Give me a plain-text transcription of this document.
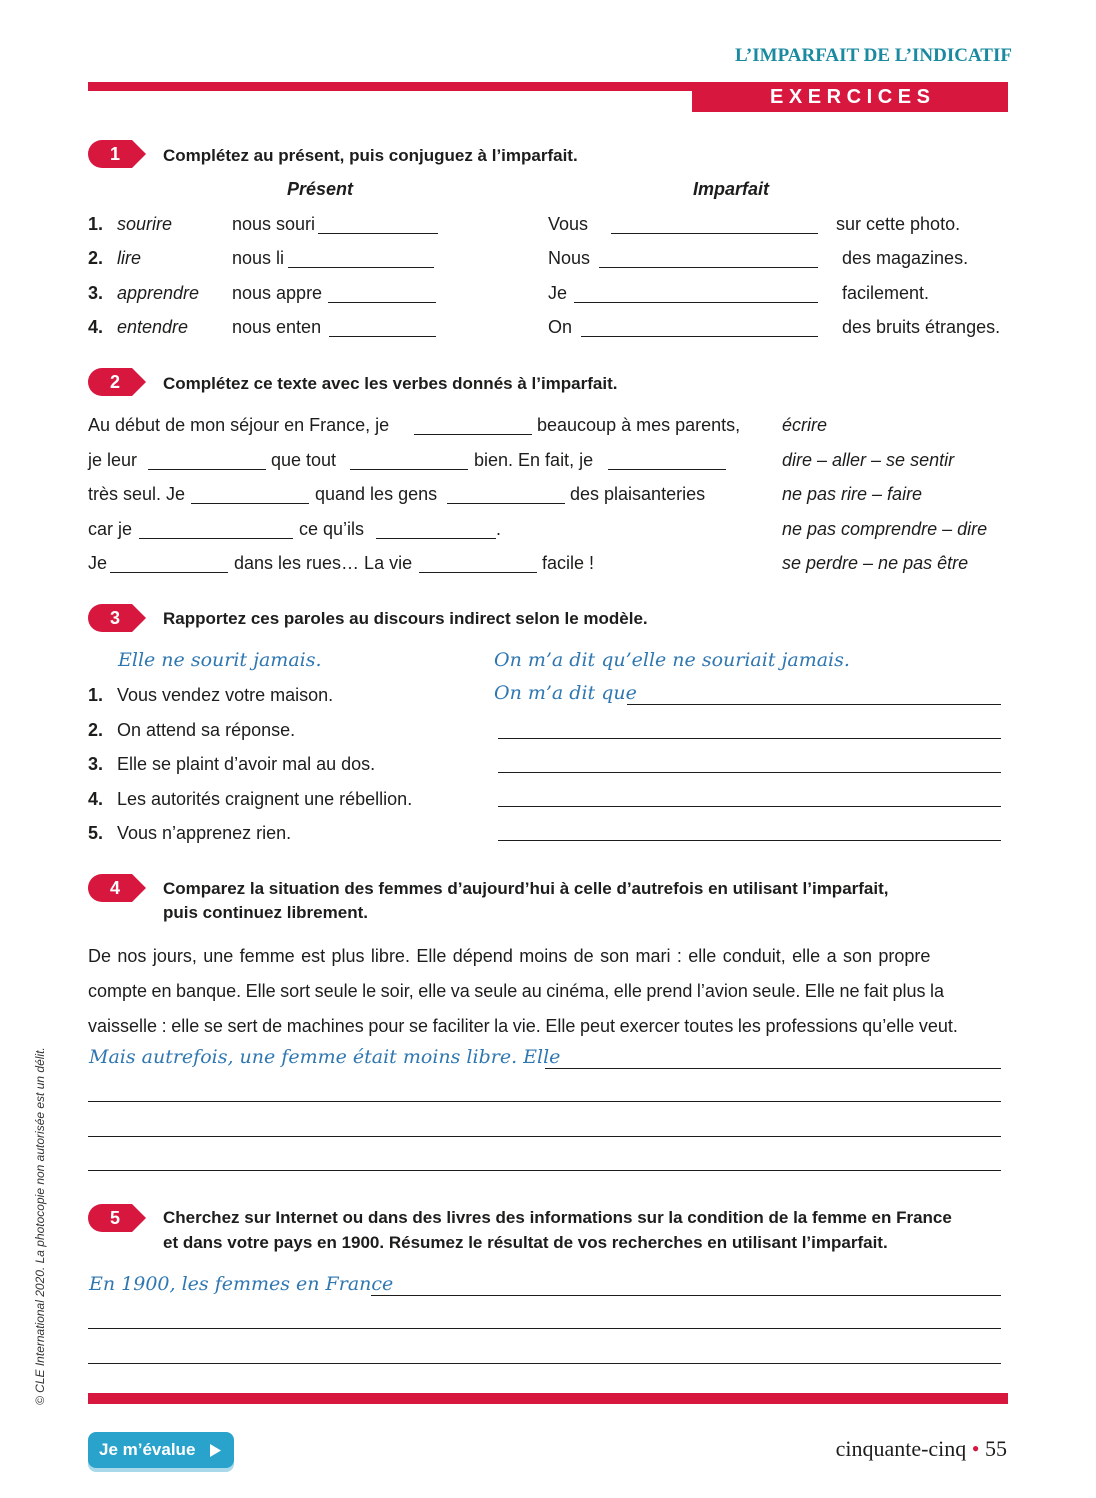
L’IMPARFAIT DE L’INDICATIF
E X E R C I C E S
1	Complétez au présent, puis conjuguez à l’imparfait.
Présent	Imparfait
1. sourire	nous souri	Vous	sur cette photo.
2. lire	nous li	Nous	des magazines.
3. apprendre nous appre	Je	facilement.
4. entendre nous enten	On	des bruits étranges.
2	Complétez ce texte avec les verbes donnés à l’imparfait.
Au début de mon séjour en France, je	beaucoup à mes parents, écrire
je leur	que tout	bien. En fait, je	dire – aller – se sentir
très seul. Je	quand les gens	des plaisanteries	ne pas rire – faire
car je	ce qu’ils	.	ne pas comprendre – dire
Je	dans les rues… La vie	facile !	se perdre – ne pas être
3	Rapportez ces paroles au discours indirect selon le modèle.
Elle ne sourit jamais.	On m’a dit qu’elle ne souriait jamais.
1. Vous vendez votre maison.	On m’a dit que
2. On attend sa réponse.
3. Elle se plaint d’avoir mal au dos.
4. Les autorités craignent une rébellion.
5. Vous n’apprenez rien.
4	Comparez la situation des femmes d’aujourd’hui à celle d’autrefois en utilisant l’imparfait,
puis continuez librement.
De nos jours, une femme est plus libre. Elle dépend moins de son mari : elle conduit, elle a son propre
compte en banque. Elle sort seule le soir, elle va seule au cinéma, elle prend l’avion seule. Elle ne fait plus la
vaisselle : elle se sert de machines pour se faciliter la vie. Elle peut exercer toutes les professions qu’elle veut.
Mais autrefois, une femme était moins libre. Elle
5	Cherchez sur Internet ou dans des livres des informations sur la condition de la femme en France
et dans votre pays en 1900. Résumez le résultat de vos recherches en utilisant l’imparfait.
En 1900, les femmes en France
© CLE International 2020. La photocopie non autorisée est un délit.
Je m’évalue	cinquante-cinq • 55
